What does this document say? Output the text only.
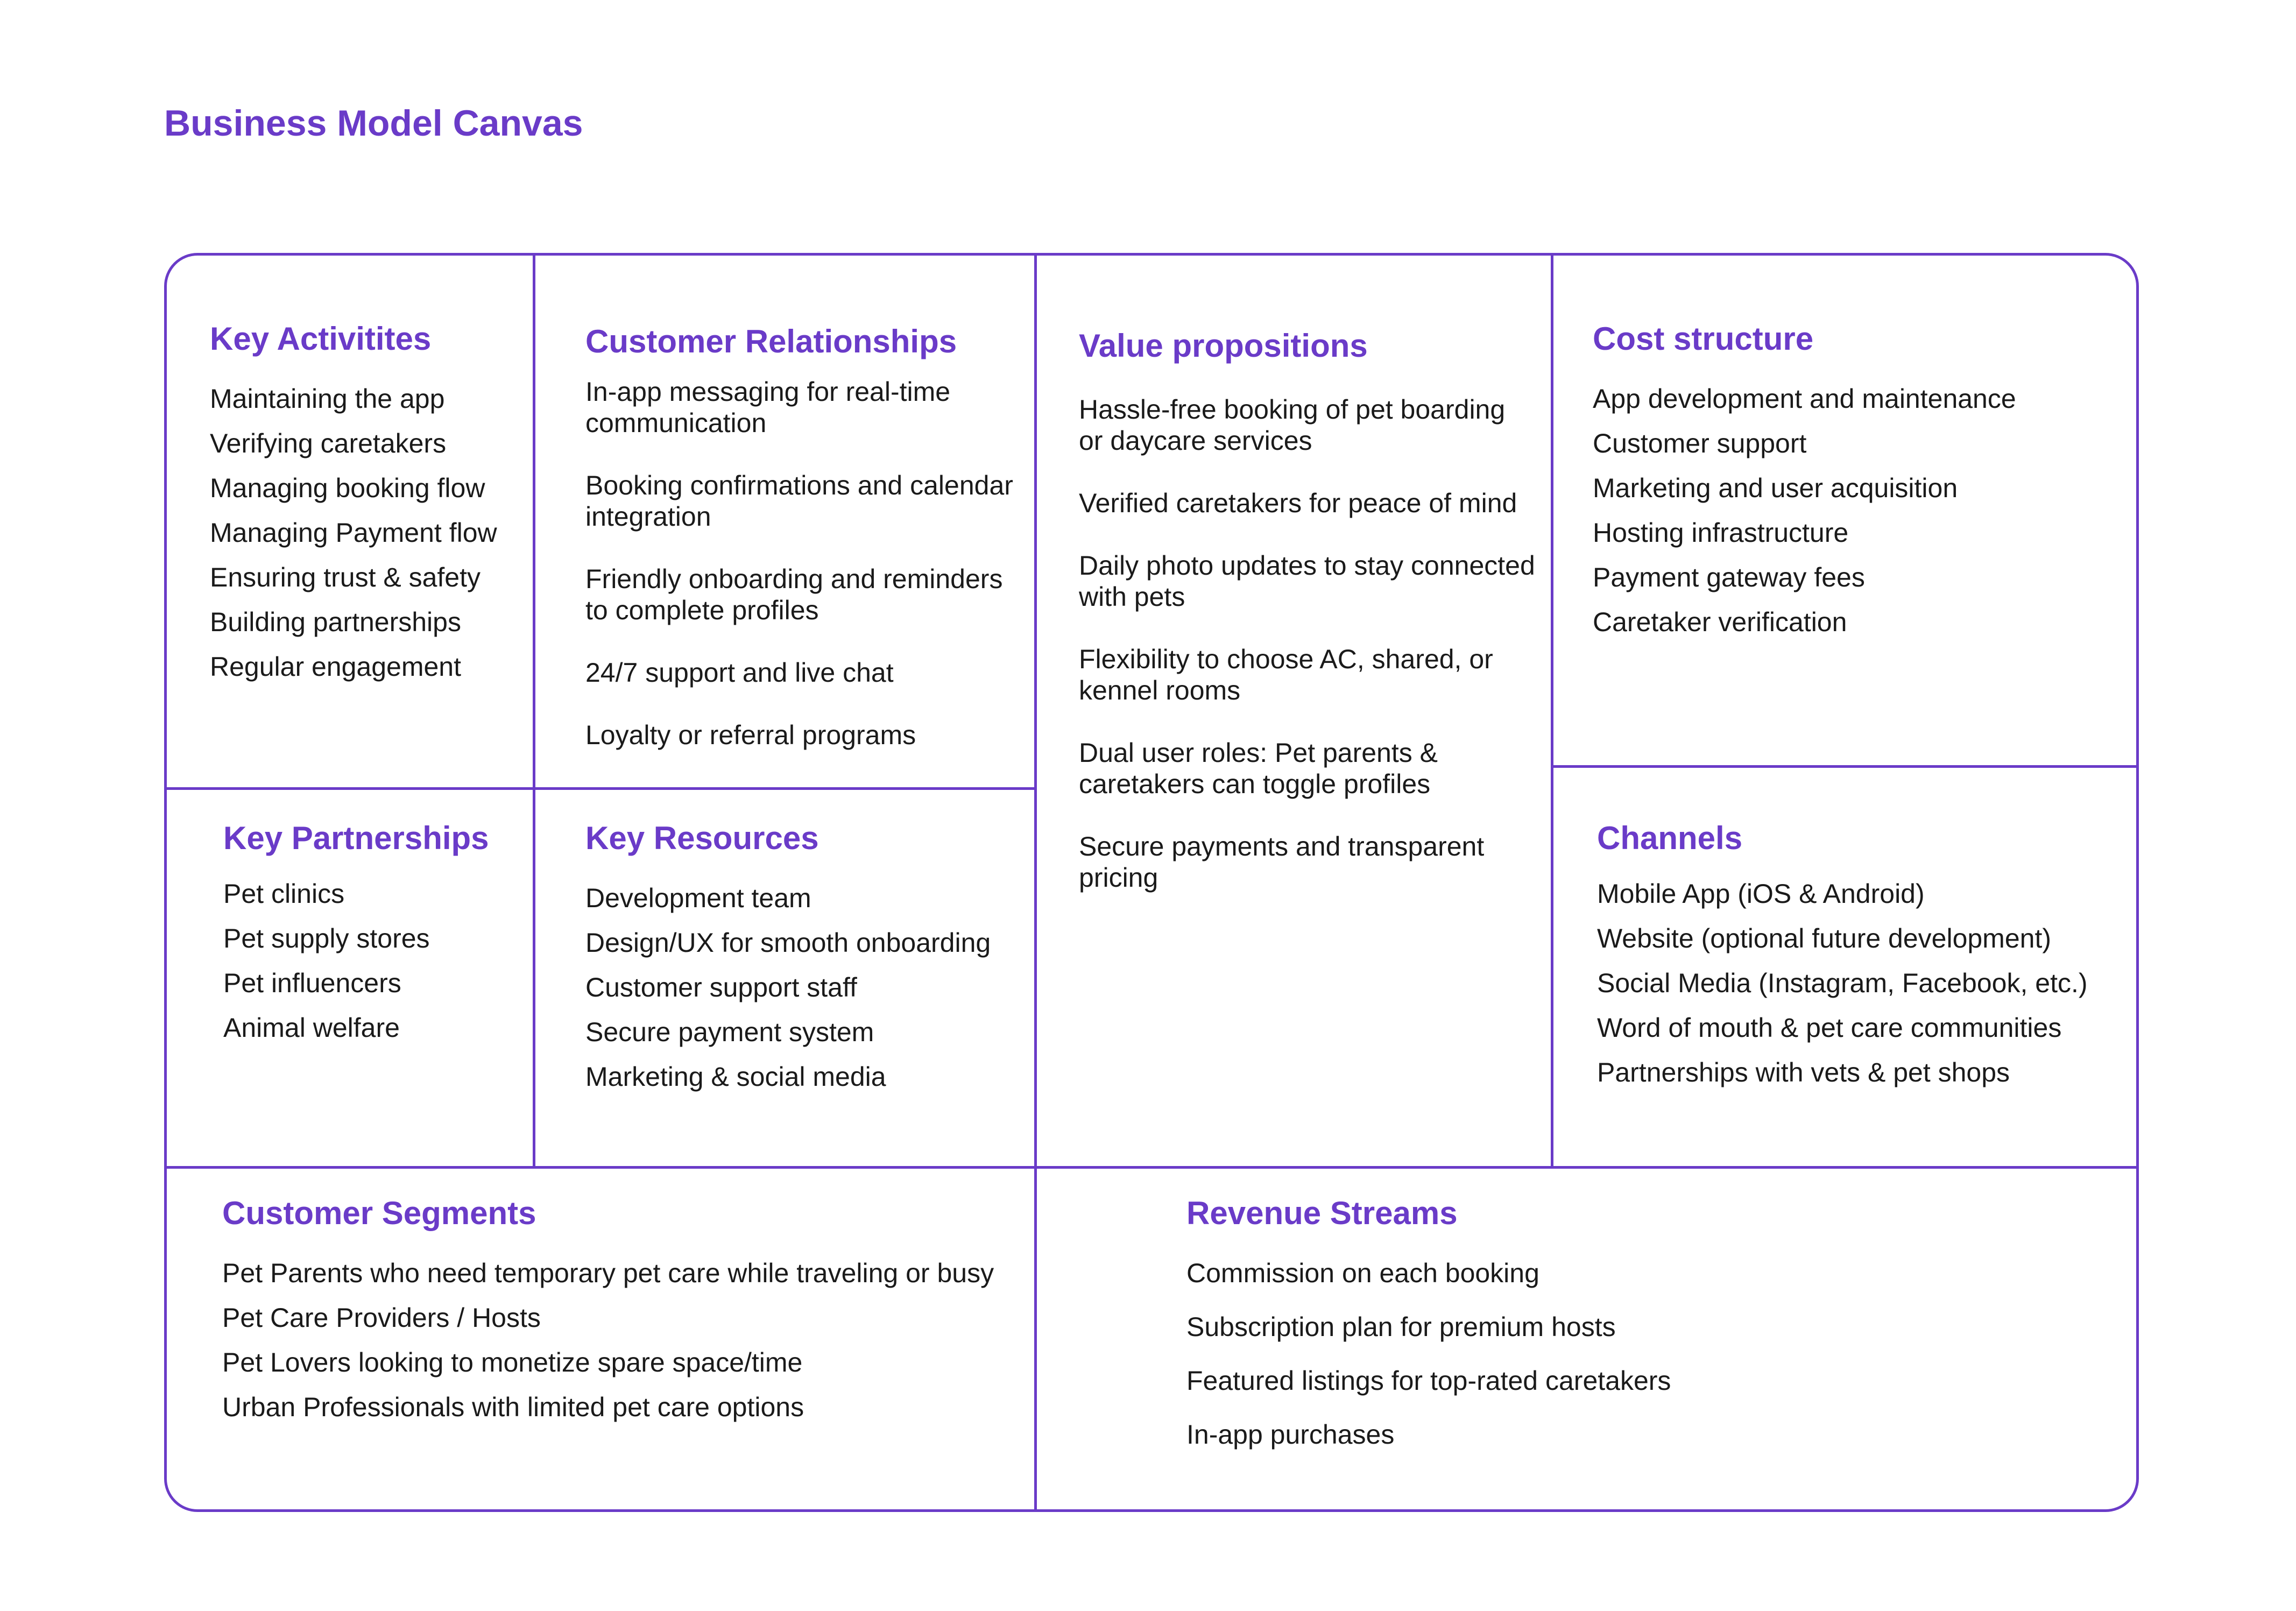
Business Model Canvas
Key Activitites
Maintaining the app
Verifying caretakers
Managing booking flow
Managing Payment flow
Ensuring trust & safety
Building partnerships
Regular engagement
Customer Relationships
In-app messaging for real-time communication
Booking confirmations and calendar integration
Friendly onboarding and reminders to complete profiles
24/7 support and live chat
Loyalty or referral programs
Value propositions
Hassle-free booking of pet boarding or daycare services
Verified caretakers for peace of mind
Daily photo updates to stay connected with pets
Flexibility to choose AC, shared, or kennel rooms
Dual user roles: Pet parents & caretakers can toggle profiles
Secure payments and transparent pricing
Cost structure
App development and maintenance
Customer support
Marketing and user acquisition
Hosting infrastructure
Payment gateway fees
Caretaker verification
Key Partnerships
Pet clinics
Pet supply stores
Pet influencers
Animal welfare
Key Resources
Development team
Design/UX for smooth onboarding
Customer support staff
Secure payment system
Marketing & social media
Channels
Mobile App (iOS & Android)
Website (optional future development)
Social Media (Instagram, Facebook, etc.)
Word of mouth & pet care communities
Partnerships with vets & pet shops
Customer Segments
Pet Parents who need temporary pet care while traveling or busy
Pet Care Providers / Hosts
Pet Lovers looking to monetize spare space/time
Urban Professionals with limited pet care options
Revenue Streams
Commission on each booking
Subscription plan for premium hosts
Featured listings for top-rated caretakers
In-app purchases
